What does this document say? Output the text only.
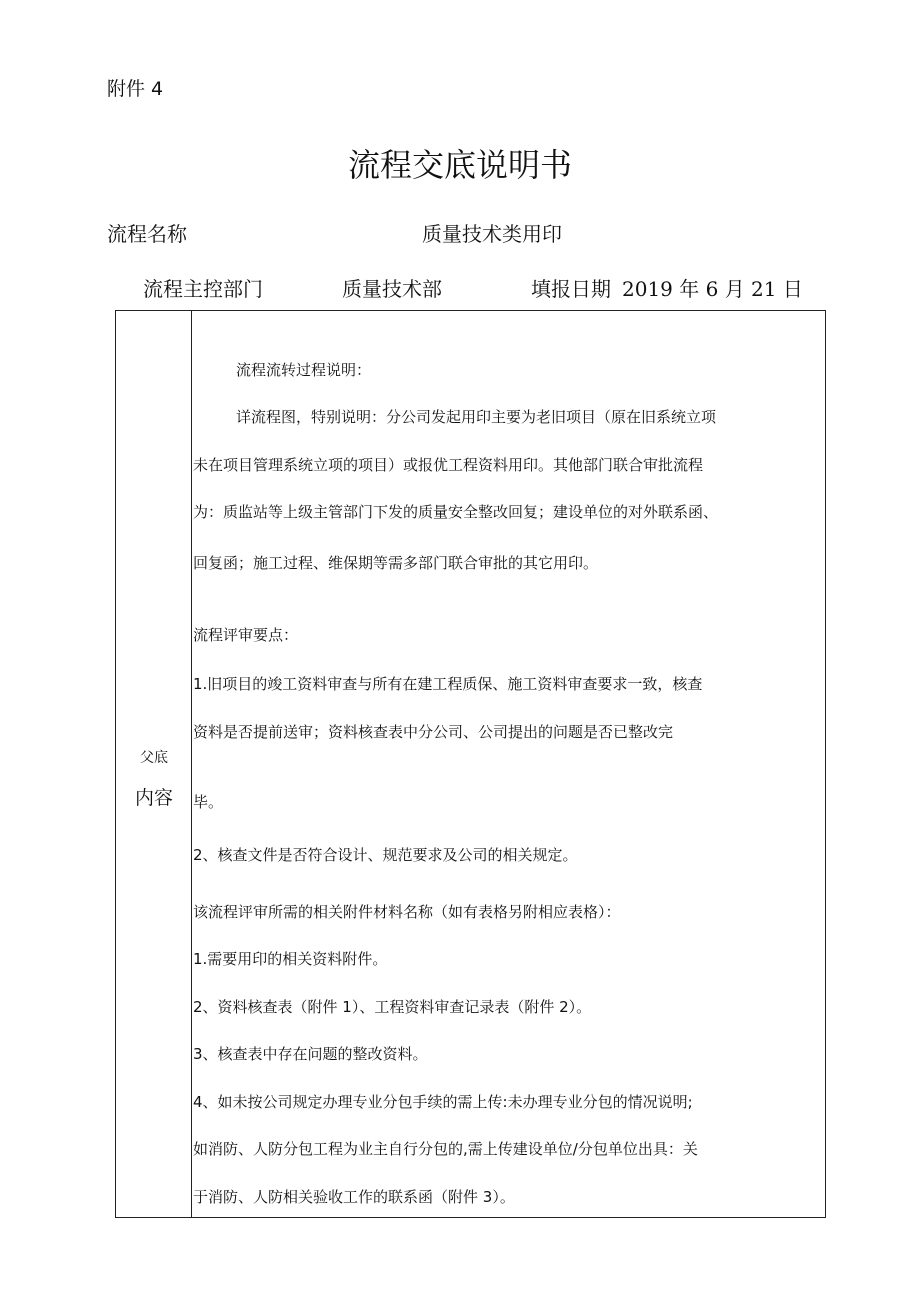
附件 4
流程交底说明书
流程名称	质量技术类用印
流程主控部门	质量技术部	填报日期 2019 年 6 月 21 日
父底
内容
流程流转过程说明：
详流程图，特别说明：分公司发起用印主要为老旧项目（原在旧系统立项
未在项目管理系统立项的项目）或报优工程资料用印。其他部门联合审批流程
为：质监站等上级主管部门下发的质量安全整改回复；建设单位的对外联系函、
回复函；施工过程、维保期等需多部门联合审批的其它用印。
流程评审要点：
1.旧项目的竣工资料审查与所有在建工程质保、施工资料审查要求一致，核查
资料是否提前送审；资料核查表中分公司、公司提出的问题是否已整改完
毕。
2、核查文件是否符合设计、规范要求及公司的相关规定。
该流程评审所需的相关附件材料名称（如有表格另附相应表格）：
1.需要用印的相关资料附件。
2、资料核查表（附件 1）、工程资料审查记录表（附件 2）。
3、核查表中存在问题的整改资料。
4、如未按公司规定办理专业分包手续的需上传:未办理专业分包的情况说明;
如消防、人防分包工程为业主自行分包的,需上传建设单位/分包单位出具：关
于消防、人防相关验收工作的联系函（附件 3）。
